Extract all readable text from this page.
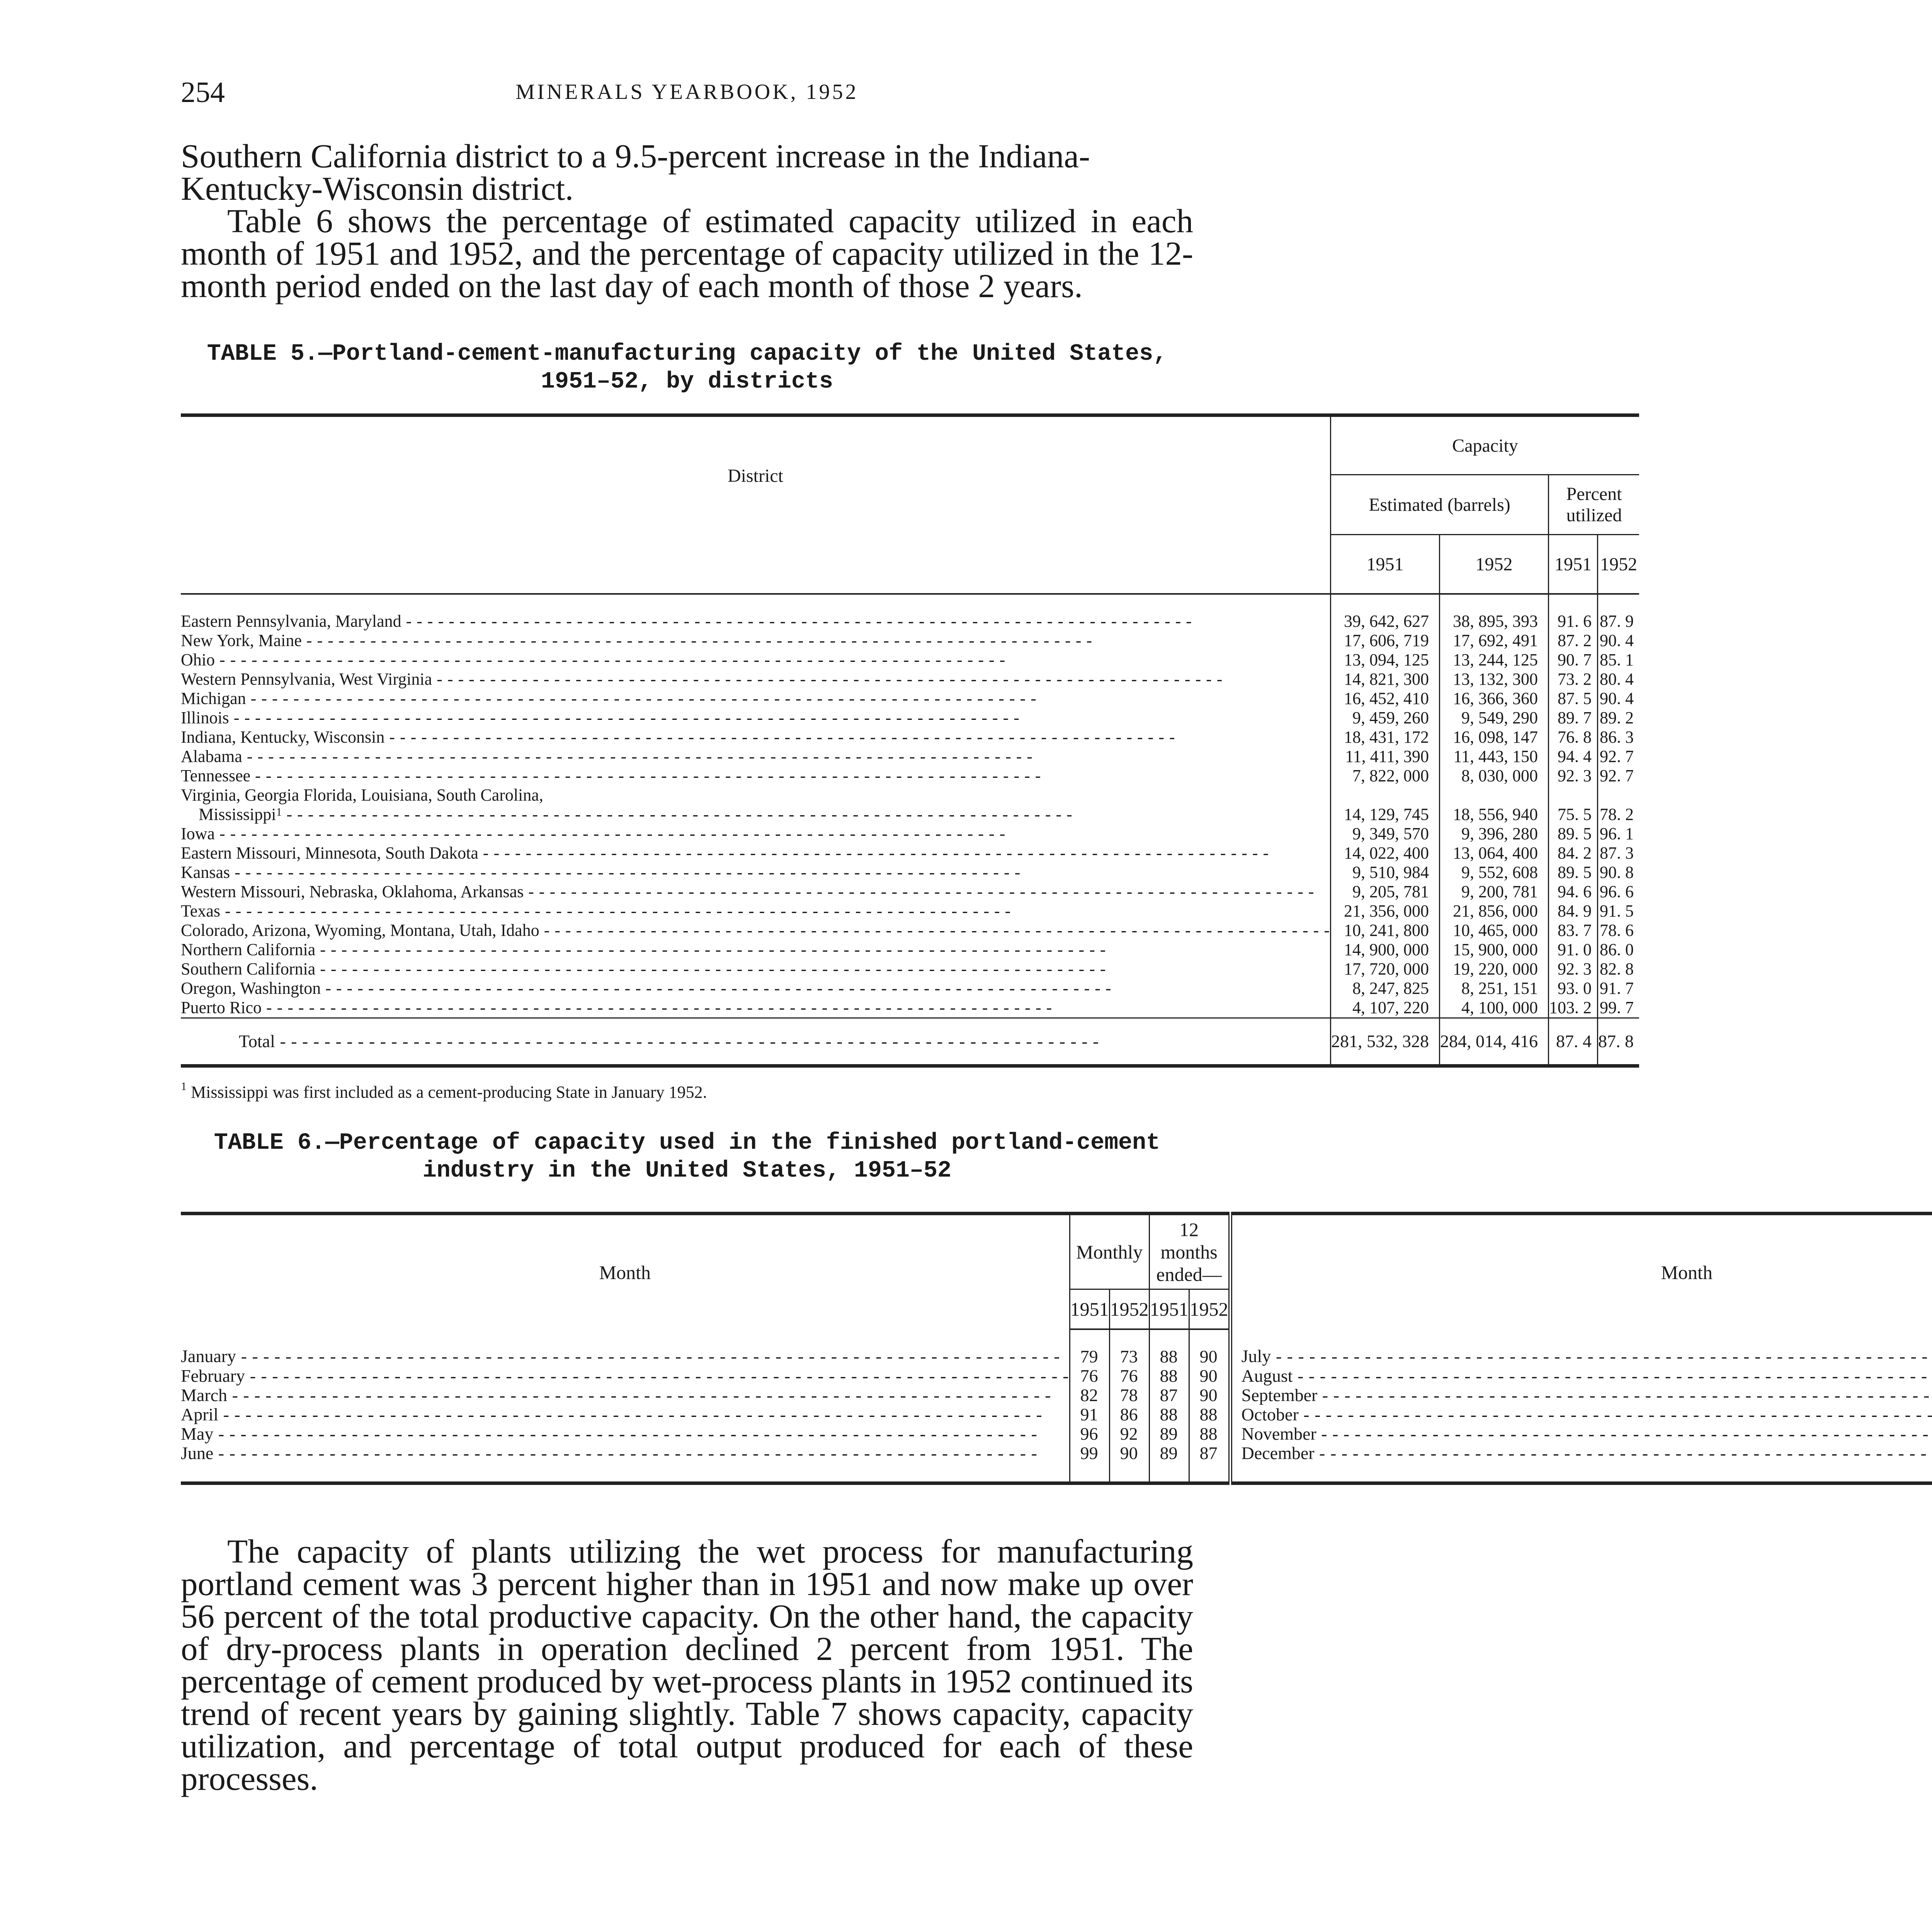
254	MINERALS YEARBOOK, 1952
Southern California district to a 9.5-percent increase in the Indiana-Kentucky-Wisconsin district.
Table 6 shows the percentage of estimated capacity utilized in each month of 1951 and 1952, and the percentage of capacity utilized in the 12-month period ended on the last day of each month of those 2 years.
TABLE 5.—Portland-cement-manufacturing capacity of the United States, 1951–52, by districts
District	Capacity			
	Estimated (barrels)		Percent utilized	
	1951	1952	1951	1952

Eastern Pennsylvania, Maryland - - -	39, 642, 627	38, 895, 393	91. 6	87. 9

New York, Maine - - -	17, 606, 719	17, 692, 491	87. 2	90. 4

Ohio - - -	13, 094, 125	13, 244, 125	90. 7	85. 1

Western Pennsylvania, West Virginia - - -	14, 821, 300	13, 132, 300	73. 2	80. 4

Michigan - - -	16, 452, 410	16, 366, 360	87. 5	90. 4

Illinois - - -	9, 459, 260	9, 549, 290	89. 7	89. 2

Indiana, Kentucky, Wisconsin - - -	18, 431, 172	16, 098, 147	76. 8	86. 3

Alabama - - -	11, 411, 390	11, 443, 150	94. 4	92. 7

Tennessee - - -	7, 822, 000	8, 030, 000	92. 3	92. 7

Virginia, Georgia Florida, Louisiana, South Carolina,				

Mississippi$^1$ - - -	14, 129, 745	18, 556, 940	75. 5	78. 2

Iowa - - -	9, 349, 570	9, 396, 280	89. 5	96. 1

Eastern Missouri, Minnesota, South Dakota - - -	14, 022, 400	13, 064, 400	84. 2	87. 3

Kansas - - -	9, 510, 984	9, 552, 608	89. 5	90. 8

Western Missouri, Nebraska, Oklahoma, Arkansas - - -	9, 205, 781	9, 200, 781	94. 6	96. 6

Texas - - -	21, 356, 000	21, 856, 000	84. 9	91. 5

Colorado, Arizona, Wyoming, Montana, Utah, Idaho - - -	10, 241, 800	10, 465, 000	83. 7	78. 6

Northern California - - -	14, 900, 000	15, 900, 000	91. 0	86. 0

Southern California - - -	17, 720, 000	19, 220, 000	92. 3	82. 8

Oregon, Washington - - -	8, 247, 825	8, 251, 151	93. 0	91. 7

Puerto Rico - - -	4, 107, 220	4, 100, 000	103. 2	99. 7

Total - - -	281, 532, 328	284, 014, 416	87. 4	87. 8

$^1$ Mississippi was first included as a cement-producing State in January 1952.

TABLE 6.—Percentage of capacity used in the finished portland-cement industry in the United States, 1951–52
Month	Monthly		12 months ended—		Month		
	1951	1952	1951	1952				
January - - -	79	73	88	90	July - - -				
February - - -	76	76	88	90	August - - -				
March - - -	82	78	87	90	September - - -				
April - - -	91	86	88	88	October - - -				
May - - -	96	92	89	88	November - - -				
June - - -	99	90	89	87	December - - -				

The capacity of plants utilizing the wet process for manufacturing portland cement was 3 percent higher than in 1951 and now make up over 56 percent of the total productive capacity. On the other hand, the capacity of dry-process plants in operation declined 2 percent from 1951. The percentage of cement produced by wet-process plants in 1952 continued its trend of recent years by gaining slightly. Table 7 shows capacity, capacity utilization, and percentage of total output produced for each of these processes.
